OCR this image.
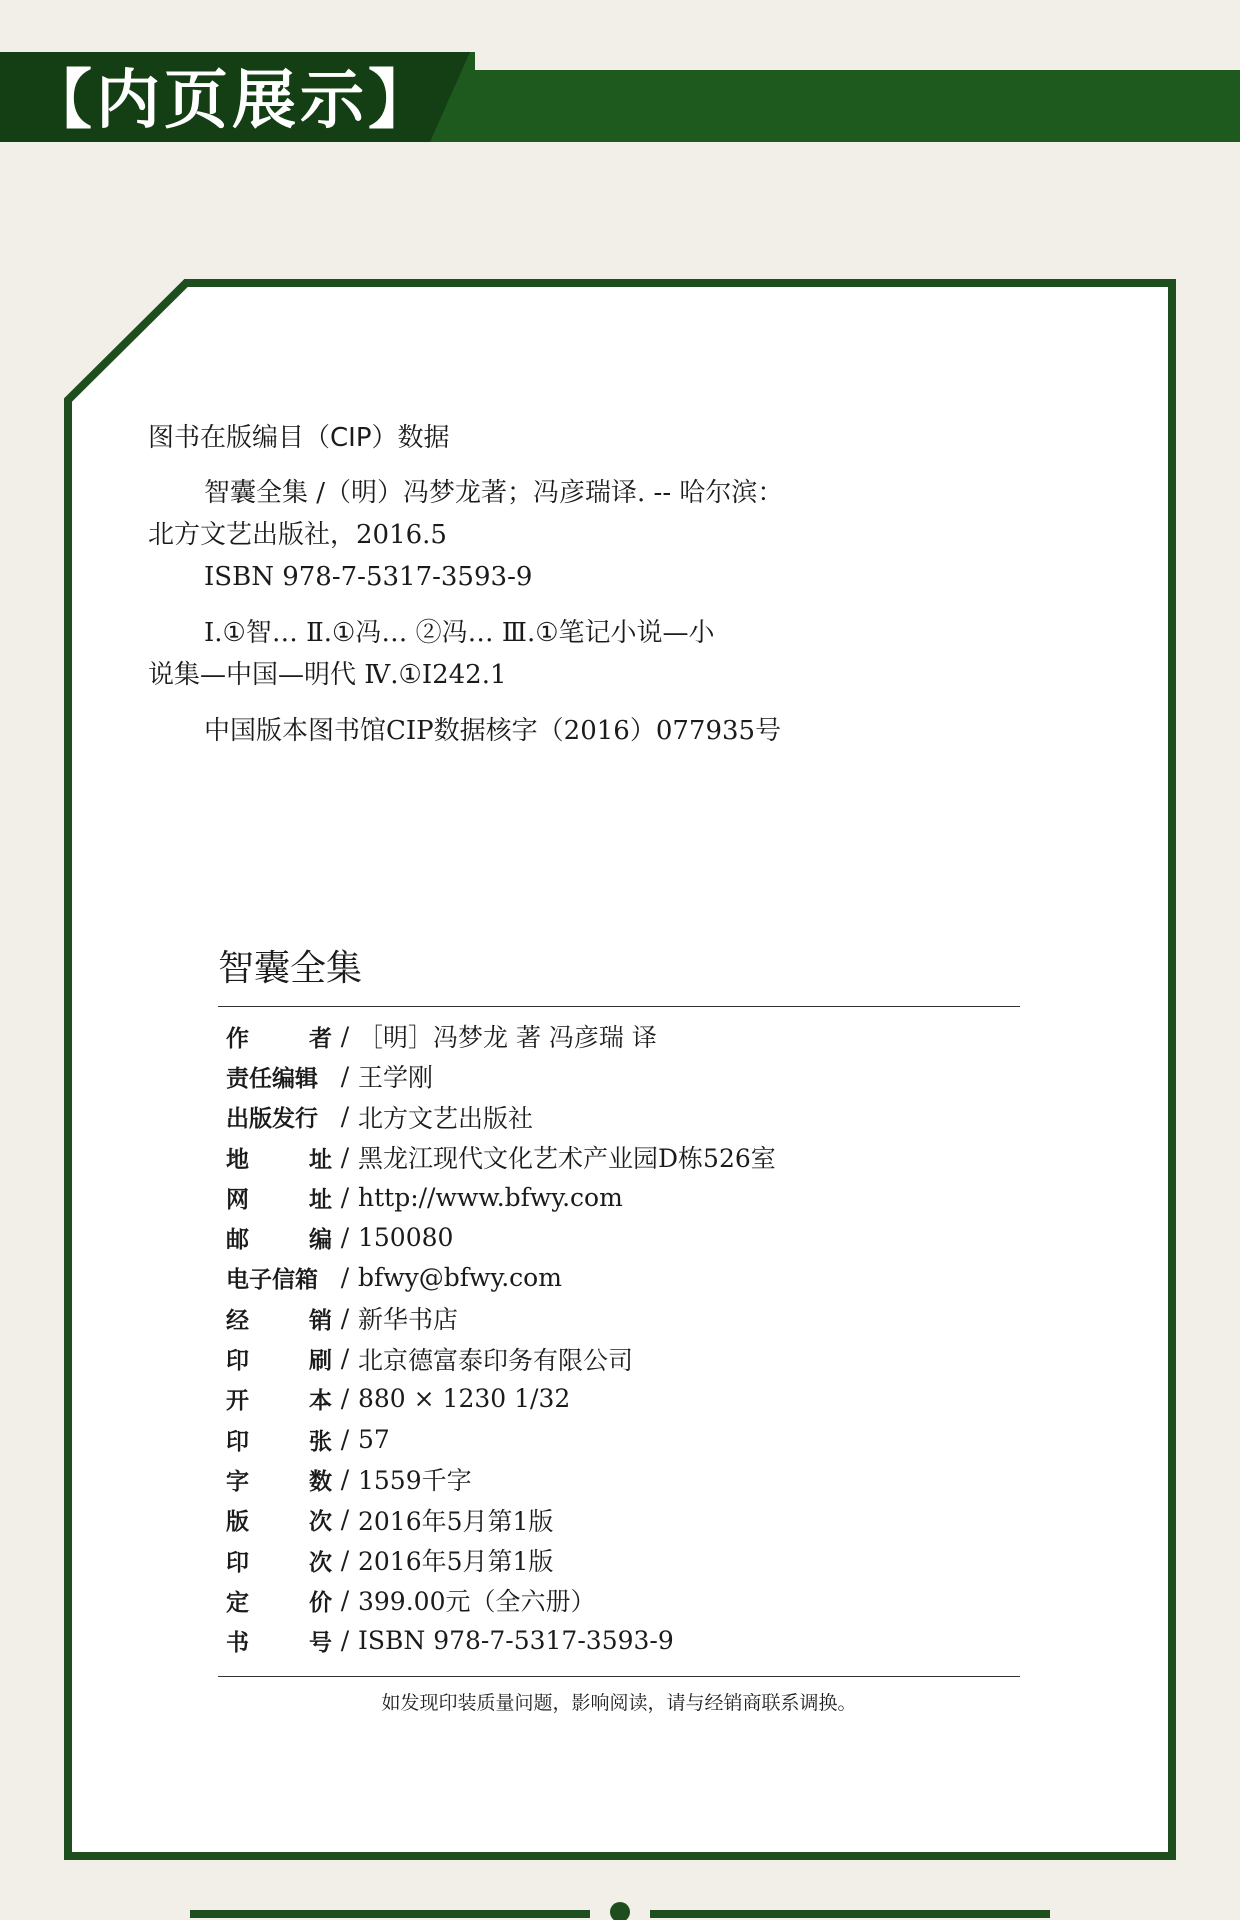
【内页展示】
图书在版编目（CIP）数据
智囊全集 /（明）冯梦龙著；冯彦瑞译. -- 哈尔滨：
北方文艺出版社，2016.5
ISBN 978-7-5317-3593-9
Ⅰ.①智… Ⅱ.①冯… ②冯… Ⅲ.①笔记小说—小
说集—中国—明代 Ⅳ.①I242.1
中国版本图书馆CIP数据核字（2016）077935号
智囊全集
作	者 / ［明］冯梦龙 著 冯彦瑞 译
责任编辑 / 王学刚
出版发行 / 北方文艺出版社
地	址 / 黑龙江现代文化艺术产业园D栋526室
网	址 / http://www.bfwy.com
邮	编 / 150080
电子信箱 / bfwy@bfwy.com
经	销 / 新华书店
印	刷 / 北京德富泰印务有限公司
开	本 / 880 × 1230 1/32
印	张 / 57
字	数 / 1559千字
版	次 / 2016年5月第1版
印	次 / 2016年5月第1版
定	价 / 399.00元（全六册）
书	号 / ISBN 978-7-5317-3593-9
如发现印装质量问题，影响阅读，请与经销商联系调换。
